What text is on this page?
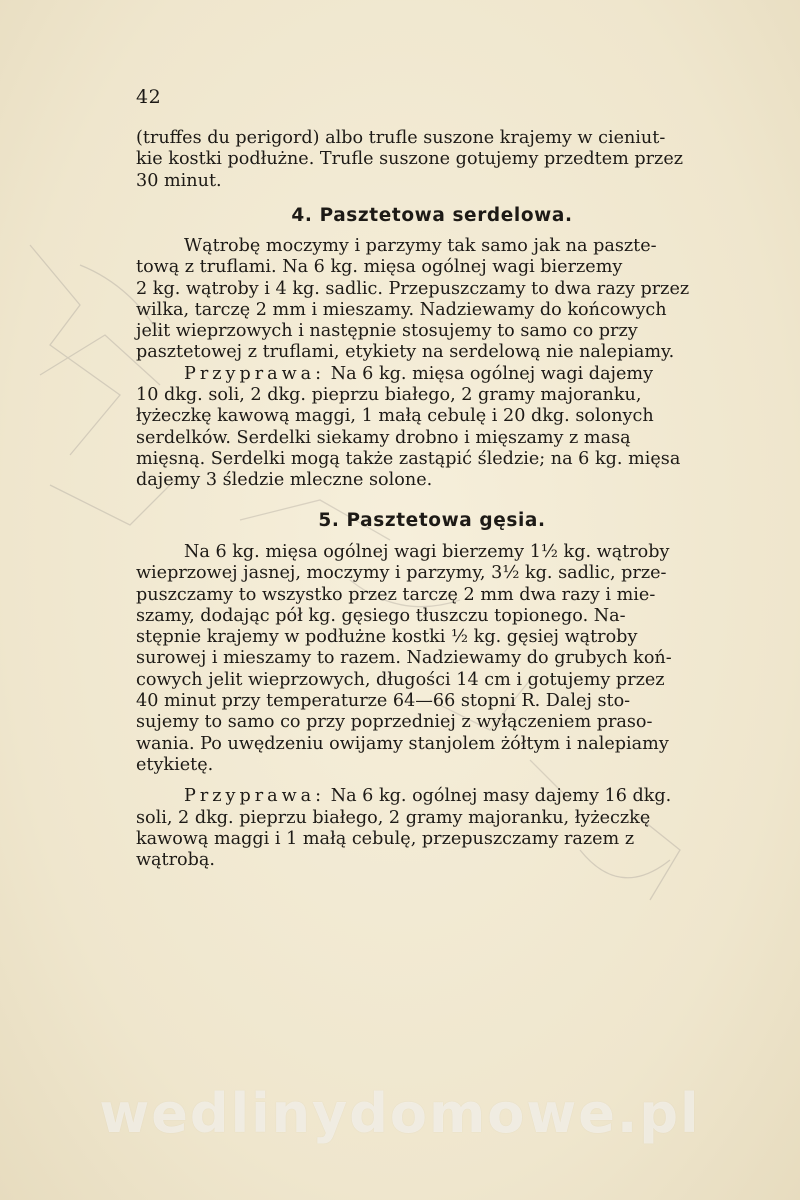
42
(truffes du perigord) albo trufle suszone krajemy w cieniut-
kie kostki podłużne. Trufle suszone gotujemy przedtem przez
30 minut.
4. Pasztetowa serdelowa.
Wątrobę moczymy i parzymy tak samo jak na paszte-
tową z truflami. Na 6 kg. mięsa ogólnej wagi bierzemy
2 kg. wątroby i 4 kg. sadlic. Przepuszczamy to dwa razy przez
wilka, tarczę 2 mm i mieszamy. Nadziewamy do końcowych
jelit wieprzowych i następnie stosujemy to samo co przy
pasztetowej z truflami, etykiety na serdelową nie nalepiamy.
Przyprawa: Na 6 kg. mięsa ogólnej wagi dajemy
10 dkg. soli, 2 dkg. pieprzu białego, 2 gramy majoranku,
łyżeczkę kawową maggi, 1 małą cebulę i 20 dkg. solonych
serdelków. Serdelki siekamy drobno i mięszamy z masą
mięsną. Serdelki mogą także zastąpić śledzie; na 6 kg. mięsa
dajemy 3 śledzie mleczne solone.
5. Pasztetowa gęsia.
Na 6 kg. mięsa ogólnej wagi bierzemy 1½ kg. wątroby
wieprzowej jasnej, moczymy i parzymy, 3½ kg. sadlic, prze-
puszczamy to wszystko przez tarczę 2 mm dwa razy i mie-
szamy, dodając pół kg. gęsiego tłuszczu topionego. Na-
stępnie krajemy w podłużne kostki ½ kg. gęsiej wątroby
surowej i mieszamy to razem. Nadziewamy do grubych koń-
cowych jelit wieprzowych, długości 14 cm i gotujemy przez
40 minut przy temperaturze 64—66 stopni R. Dalej sto-
sujemy to samo co przy poprzedniej z wyłączeniem praso-
wania. Po uwędzeniu owijamy stanjolem żółtym i nalepiamy
etykietę.
Przyprawa: Na 6 kg. ogólnej masy dajemy 16 dkg.
soli, 2 dkg. pieprzu białego, 2 gramy majoranku, łyżeczkę
kawową maggi i 1 małą cebulę, przepuszczamy razem z
wątrobą.
wedlinydomowe.pl
